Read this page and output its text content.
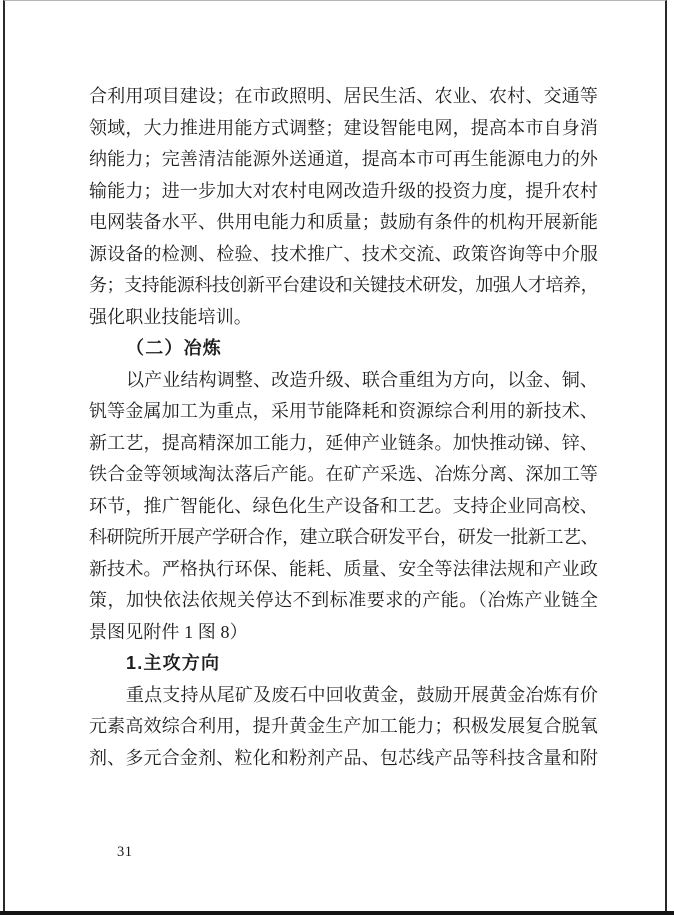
合利用项目建设；在市政照明、居民生活、农业、农村、交通等
领域，大力推进用能方式调整；建设智能电网，提高本市自身消
纳能力；完善清洁能源外送通道，提高本市可再生能源电力的外
输能力；进一步加大对农村电网改造升级的投资力度，提升农村
电网装备水平、供用电能力和质量；鼓励有条件的机构开展新能
源设备的检测、检验、技术推广、技术交流、政策咨询等中介服
务；支持能源科技创新平台建设和关键技术研发，加强人才培养，
强化职业技能培训。
（二）冶炼
以产业结构调整、改造升级、联合重组为方向，以金、铜、
钒等金属加工为重点，采用节能降耗和资源综合利用的新技术、
新工艺，提高精深加工能力，延伸产业链条。加快推动锑、锌、
铁合金等领域淘汰落后产能。在矿产采选、冶炼分离、深加工等
环节，推广智能化、绿色化生产设备和工艺。支持企业同高校、
科研院所开展产学研合作，建立联合研发平台，研发一批新工艺、
新技术。严格执行环保、能耗、质量、安全等法律法规和产业政
策，加快依法依规关停达不到标准要求的产能。（冶炼产业链全
景图见附件 1 图 8）
1.主攻方向
重点支持从尾矿及废石中回收黄金，鼓励开展黄金冶炼有价
元素高效综合利用，提升黄金生产加工能力；积极发展复合脱氧
剂、多元合金剂、粒化和粉剂产品、包芯线产品等科技含量和附
31
